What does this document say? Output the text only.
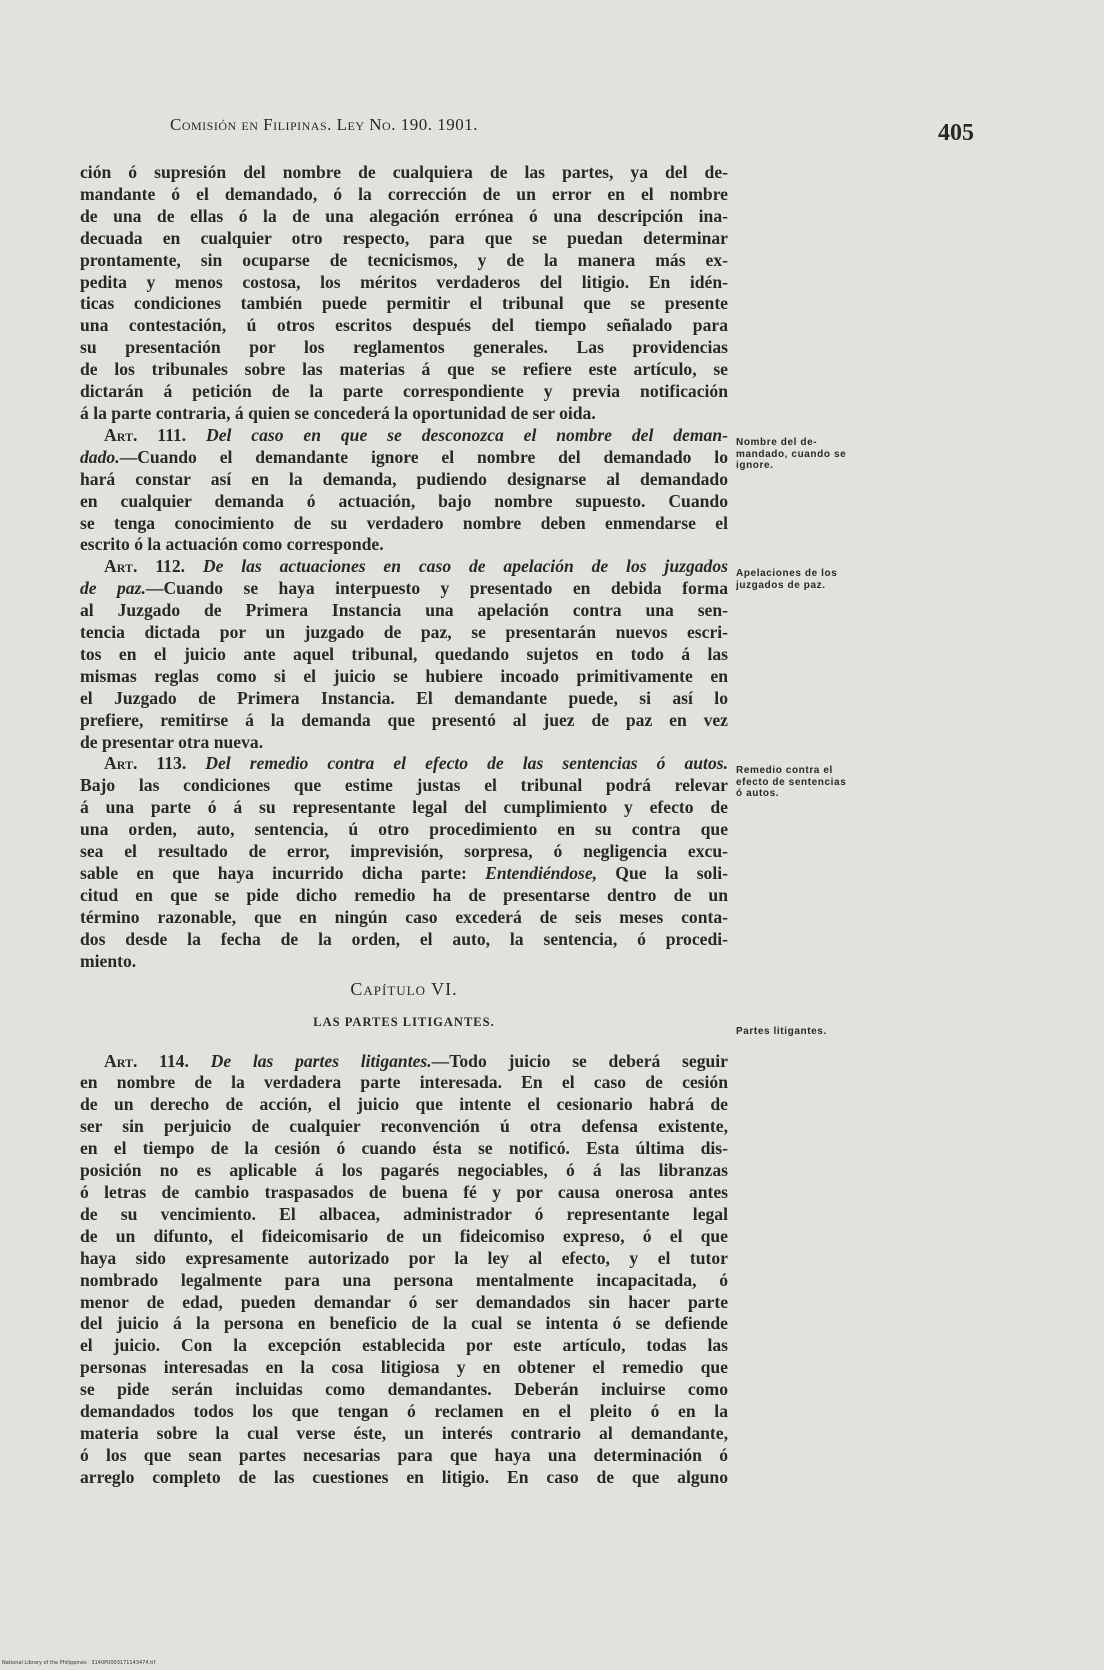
Comisión en Filipinas. Ley No. 190. 1901.	405
ción ó supresión del nombre de cualquiera de las partes, ya del de-
mandante ó el demandado, ó la corrección de un error en el nombre
de una de ellas ó la de una alegación errónea ó una descripción ina-
decuada en cualquier otro respecto, para que se puedan determinar
prontamente, sin ocuparse de tecnicismos, y de la manera más ex-
pedita y menos costosa, los méritos verdaderos del litigio. En idén-
ticas condiciones también puede permitir el tribunal que se presente
una contestación, ú otros escritos después del tiempo señalado para
su presentación por los reglamentos generales. Las providencias
de los tribunales sobre las materias á que se refiere este artículo, se
dictarán á petición de la parte correspondiente y previa notificación
á la parte contraria, á quien se concederá la oportunidad de ser oida.
Art. 111. Del caso en que se desconozca el nombre del deman-
dado.—Cuando el demandante ignore el nombre del demandado lo
hará constar así en la demanda, pudiendo designarse al demandado
en cualquier demanda ó actuación, bajo nombre supuesto. Cuando
se tenga conocimiento de su verdadero nombre deben enmendarse el
escrito ó la actuación como corresponde.
Art. 112. De las actuaciones en caso de apelación de los juzgados
de paz.—Cuando se haya interpuesto y presentado en debida forma
al Juzgado de Primera Instancia una apelación contra una sen-
tencia dictada por un juzgado de paz, se presentarán nuevos escri-
tos en el juicio ante aquel tribunal, quedando sujetos en todo á las
mismas reglas como si el juicio se hubiere incoado primitivamente en
el Juzgado de Primera Instancia. El demandante puede, si así lo
prefiere, remitirse á la demanda que presentó al juez de paz en vez
de presentar otra nueva.
Art. 113. Del remedio contra el efecto de las sentencias ó autos.
Bajo las condiciones que estime justas el tribunal podrá relevar
á una parte ó á su representante legal del cumplimiento y efecto de
una orden, auto, sentencia, ú otro procedimiento en su contra que
sea el resultado de error, imprevisión, sorpresa, ó negligencia excu-
sable en que haya incurrido dicha parte: Entendiéndose, Que la soli-
citud en que se pide dicho remedio ha de presentarse dentro de un
término razonable, que en ningún caso excederá de seis meses conta-
dos desde la fecha de la orden, el auto, la sentencia, ó procedi-
miento.
Capítulo VI.
LAS PARTES LITIGANTES.
Art. 114. De las partes litigantes.—Todo juicio se deberá seguir
en nombre de la verdadera parte interesada. En el caso de cesión
de un derecho de acción, el juicio que intente el cesionario habrá de
ser sin perjuicio de cualquier reconvención ú otra defensa existente,
en el tiempo de la cesión ó cuando ésta se notificó. Esta última dis-
posición no es aplicable á los pagarés negociables, ó á las libranzas
ó letras de cambio traspasados de buena fé y por causa onerosa antes
de su vencimiento. El albacea, administrador ó representante legal
de un difunto, el fideicomisario de un fideicomiso expreso, ó el que
haya sido expresamente autorizado por la ley al efecto, y el tutor
nombrado legalmente para una persona mentalmente incapacitada, ó
menor de edad, pueden demandar ó ser demandados sin hacer parte
del juicio á la persona en beneficio de la cual se intenta ó se defiende
el juicio. Con la excepción establecida por este artículo, todas las
personas interesadas en la cosa litigiosa y en obtener el remedio que
se pide serán incluidas como demandantes. Deberán incluirse como
demandados todos los que tengan ó reclamen en el pleito ó en la
materia sobre la cual verse éste, un interés contrario al demandante,
ó los que sean partes necesarias para que haya una determinación ó
arreglo completo de las cuestiones en litigio. En caso de que alguno
Nombre del de-
mandado, cuando se
ignore.
Apelaciones de los
juzgados de paz.
Remedio contra el
efecto de sentencias
ó autos.
Partes litigantes.
National Library of the Philippines · 3140P0003171143474.tif
